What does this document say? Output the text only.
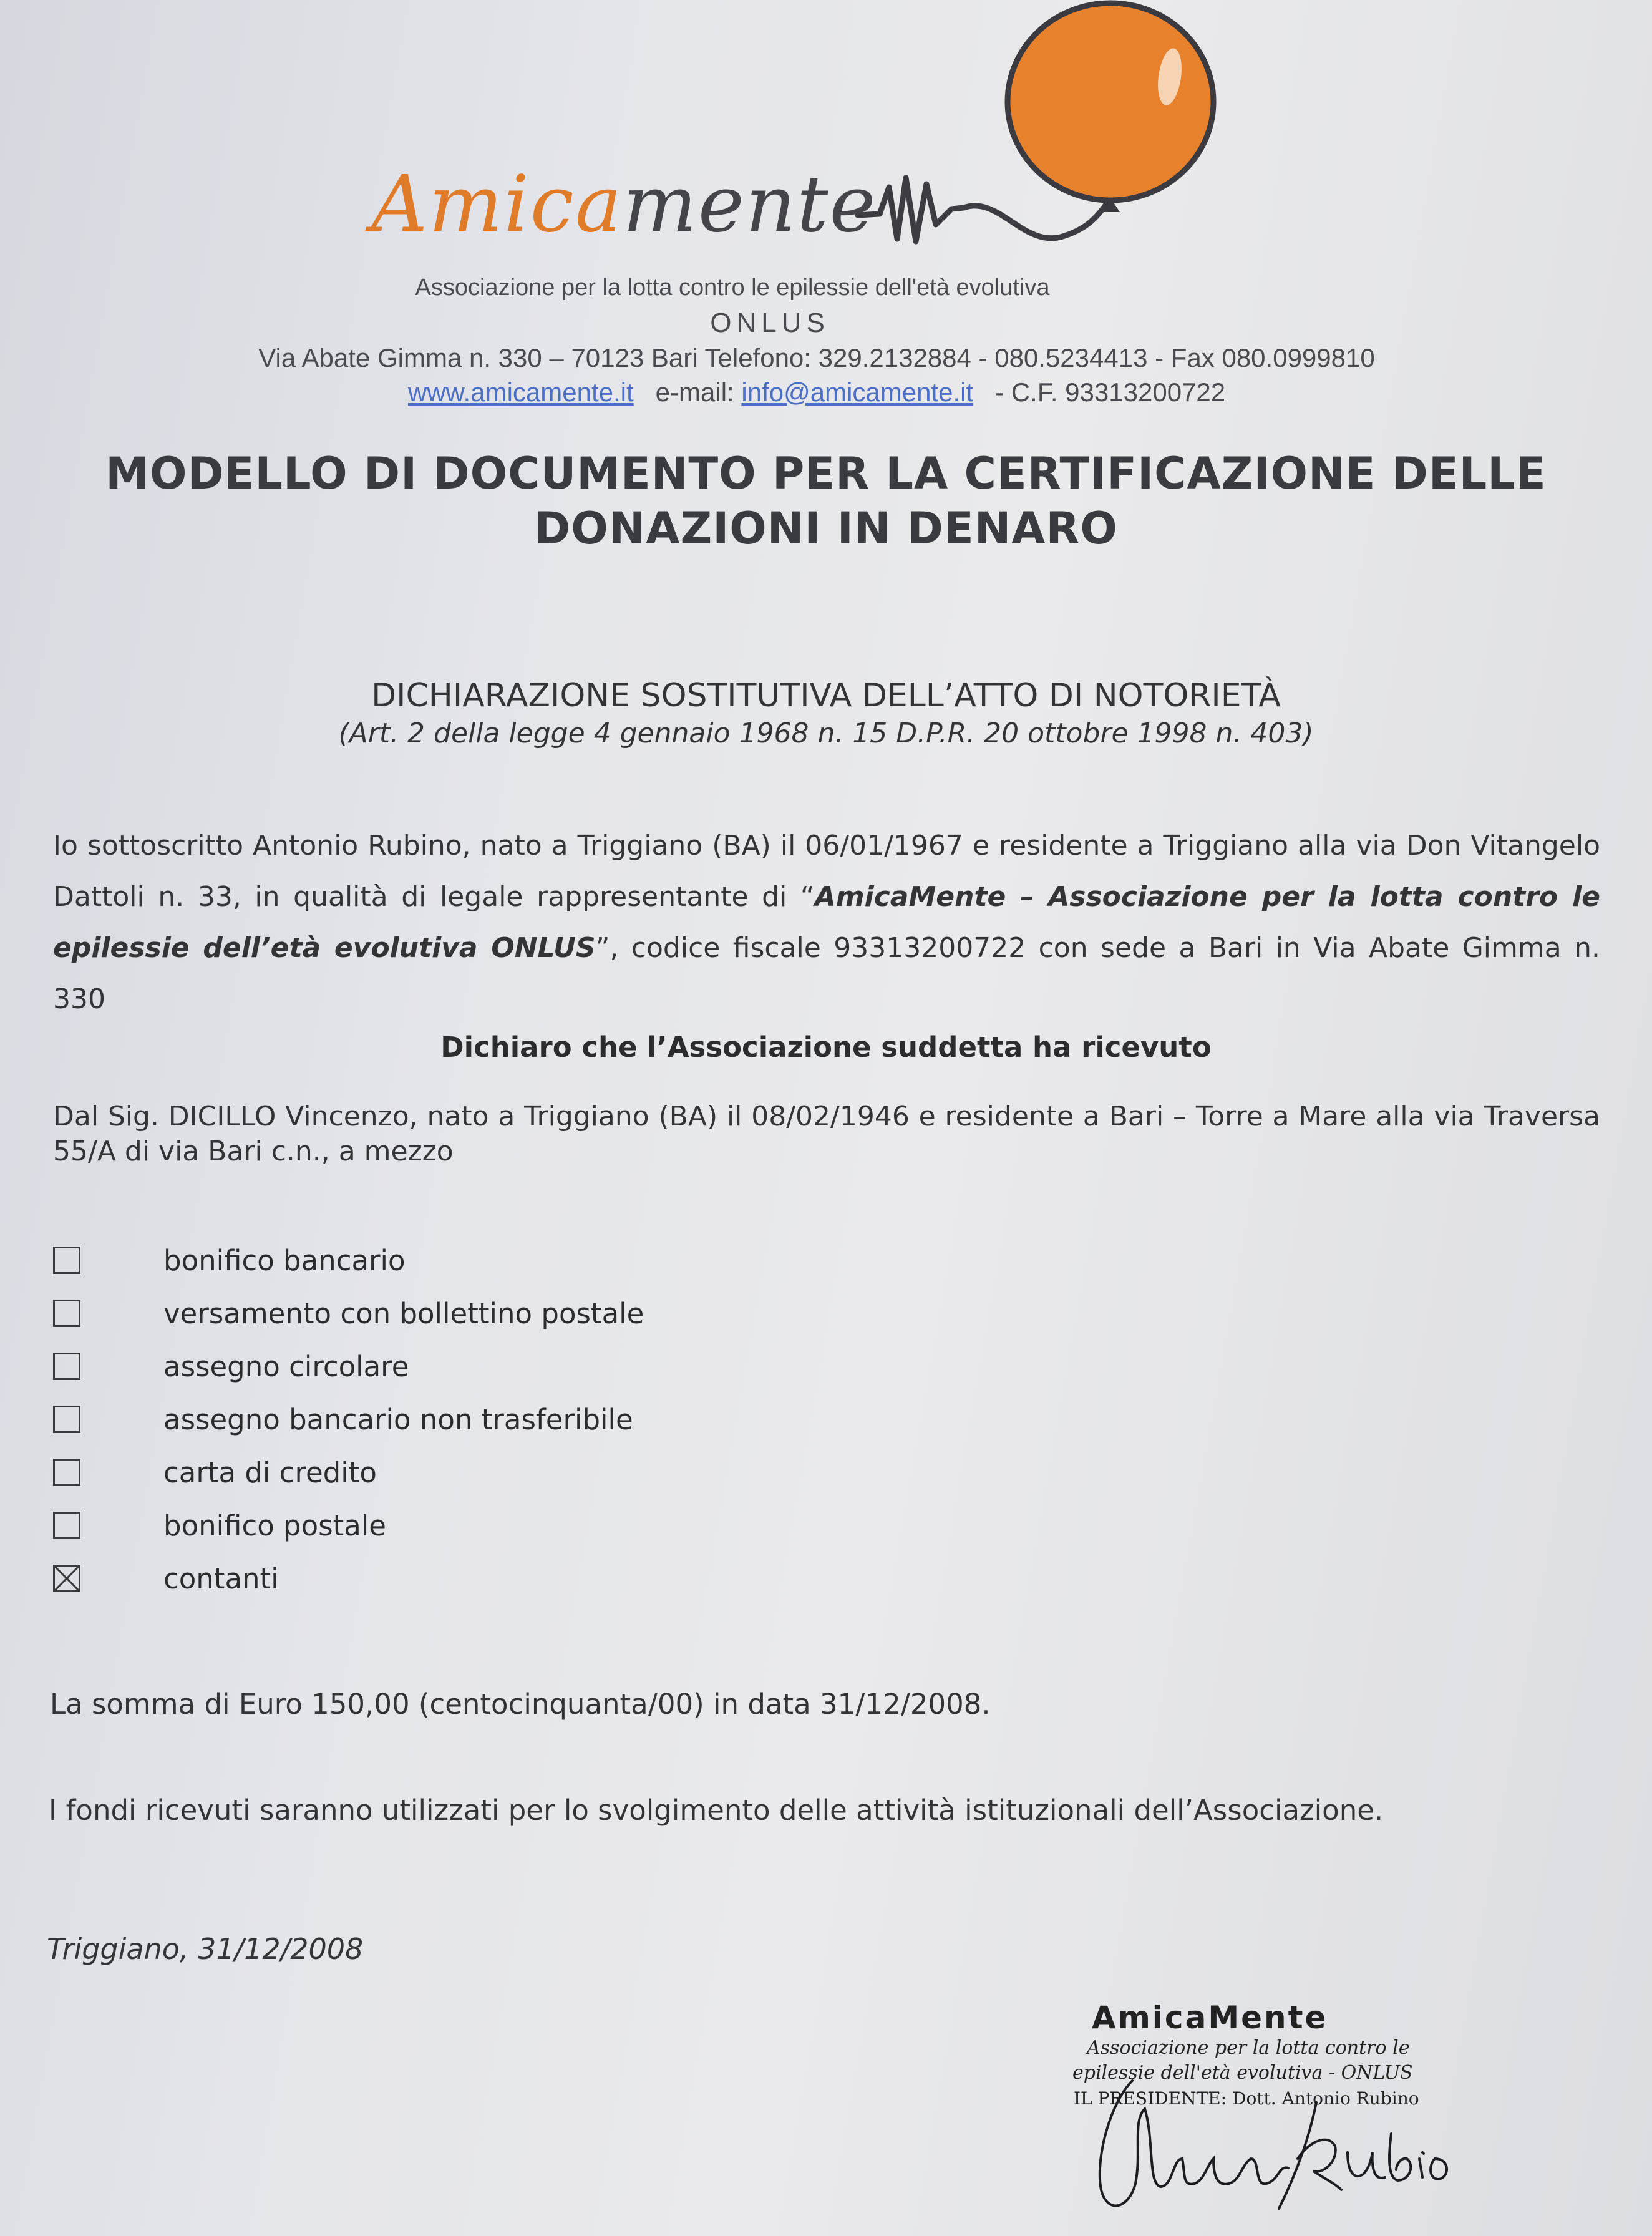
Amicamente
Associazione per la lotta contro le epilessie dell'età evolutiva
ONLUS
Via Abate Gimma n. 330 – 70123 Bari Telefono: 329.2132884 - 080.5234413 - Fax 080.0999810
www.amicamente.it e-mail: info@amicamente.it - C.F. 93313200722
MODELLO DI DOCUMENTO PER LA CERTIFICAZIONE DELLE
DONAZIONI IN DENARO
DICHIARAZIONE SOSTITUTIVA DELL’ATTO DI NOTORIETÀ
(Art. 2 della legge 4 gennaio 1968 n. 15 D.P.R. 20 ottobre 1998 n. 403)
Io sottoscritto Antonio Rubino, nato a Triggiano (BA) il 06/01/1967 e residente a Triggiano alla via Don Vitangelo Dattoli n. 33, in qualità di legale rappresentante di “AmicaMente – Associazione per la lotta contro le epilessie dell’età evolutiva ONLUS”, codice fiscale 93313200722 con sede a Bari in Via Abate Gimma n. 330
Dichiaro che l’Associazione suddetta ha ricevuto
Dal Sig. DICILLO Vincenzo, nato a Triggiano (BA) il 08/02/1946 e residente a Bari – Torre a Mare alla via Traversa 55/A di via Bari c.n., a mezzo
bonifico bancario
versamento con bollettino postale
assegno circolare
assegno bancario non trasferibile
carta di credito
bonifico postale
contanti
La somma di Euro 150,00 (centocinquanta/00) in data 31/12/2008.
I fondi ricevuti saranno utilizzati per lo svolgimento delle attività istituzionali dell’Associazione.
Triggiano, 31/12/2008
AmicaMente
Associazione per la lotta contro le
epilessie dell'età evolutiva - ONLUS
IL PRESIDENTE: Dott. Antonio Rubino
